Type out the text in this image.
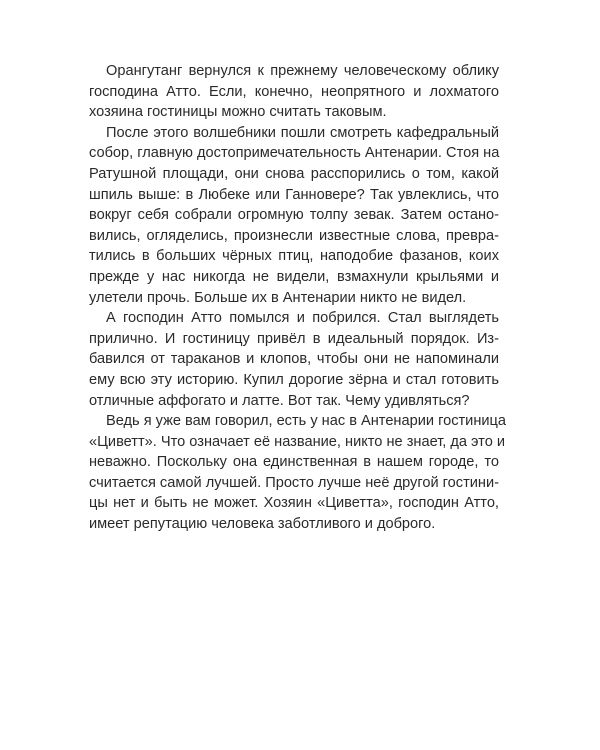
Орангутанг вернулся к прежнему человеческому облику
господина Атто. Если, конечно, неопрятного и лохматого
хозяина гостиницы можно считать таковым.
После этого волшебники пошли смотреть кафедральный
собор, главную достопримечательность Антенарии. Стоя на
Ратушной площади, они снова расспорились о том, какой
шпиль выше: в Любеке или Ганновере? Так увлеклись, что
вокруг себя собрали огромную толпу зевак. Затем остано-
вились, огляделись, произнесли известные слова, превра-
тились в больших чёрных птиц, наподобие фазанов, коих
прежде у нас никогда не видели, взмахнули крыльями и
улетели прочь. Больше их в Антенарии никто не видел.
А господин Атто помылся и побрился. Стал выглядеть
прилично. И гостиницу привёл в идеальный порядок. Из-
бавился от тараканов и клопов, чтобы они не напоминали
ему всю эту историю. Купил дорогие зёрна и стал готовить
отличные аффогато и латте. Вот так. Чему удивляться?
Ведь я уже вам говорил, есть у нас в Антенарии гостиница
«Циветт». Что означает её название, никто не знает, да это и
неважно. Поскольку она единственная в нашем городе, то
считается самой лучшей. Просто лучше неё другой гостини-
цы нет и быть не может. Хозяин «Циветта», господин Атто,
имеет репутацию человека заботливого и доброго.
